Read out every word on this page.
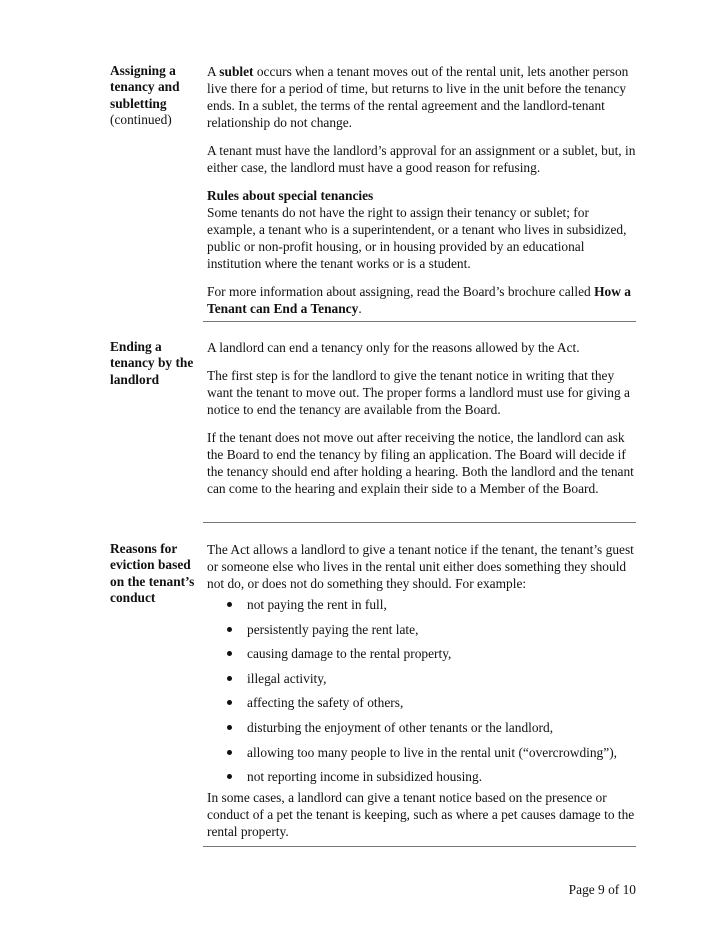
Assigning a tenancy and subletting
(continued)

A sublet occurs when a tenant moves out of the rental unit, lets another person live there for a period of time, but returns to live in the unit before the tenancy ends. In a sublet, the terms of the rental agreement and the landlord-tenant relationship do not change.

A tenant must have the landlord’s approval for an assignment or a sublet, but, in either case, the landlord must have a good reason for refusing.

Rules about special tenancies
Some tenants do not have the right to assign their tenancy or sublet; for example, a tenant who is a superintendent, or a tenant who lives in subsidized, public or non-profit housing, or in housing provided by an educational institution where the tenant works or is a student.

For more information about assigning, read the Board’s brochure called How a Tenant can End a Tenancy.

Ending a tenancy by the landlord

A landlord can end a tenancy only for the reasons allowed by the Act.

The first step is for the landlord to give the tenant notice in writing that they want the tenant to move out. The proper forms a landlord must use for giving a notice to end the tenancy are available from the Board.

If the tenant does not move out after receiving the notice, the landlord can ask the Board to end the tenancy by filing an application. The Board will decide if the tenancy should end after holding a hearing. Both the landlord and the tenant can come to the hearing and explain their side to a Member of the Board.

Reasons for eviction based on the tenant’s conduct

The Act allows a landlord to give a tenant notice if the tenant, the tenant’s guest or someone else who lives in the rental unit either does something they should not do, or does not do something they should. For example:

not paying the rent in full,
persistently paying the rent late,
causing damage to the rental property,
illegal activity,
affecting the safety of others,
disturbing the enjoyment of other tenants or the landlord,
allowing too many people to live in the rental unit (“overcrowding”),
not reporting income in subsidized housing.

In some cases, a landlord can give a tenant notice based on the presence or conduct of a pet the tenant is keeping, such as where a pet causes damage to the rental property.

Page 9 of 10
